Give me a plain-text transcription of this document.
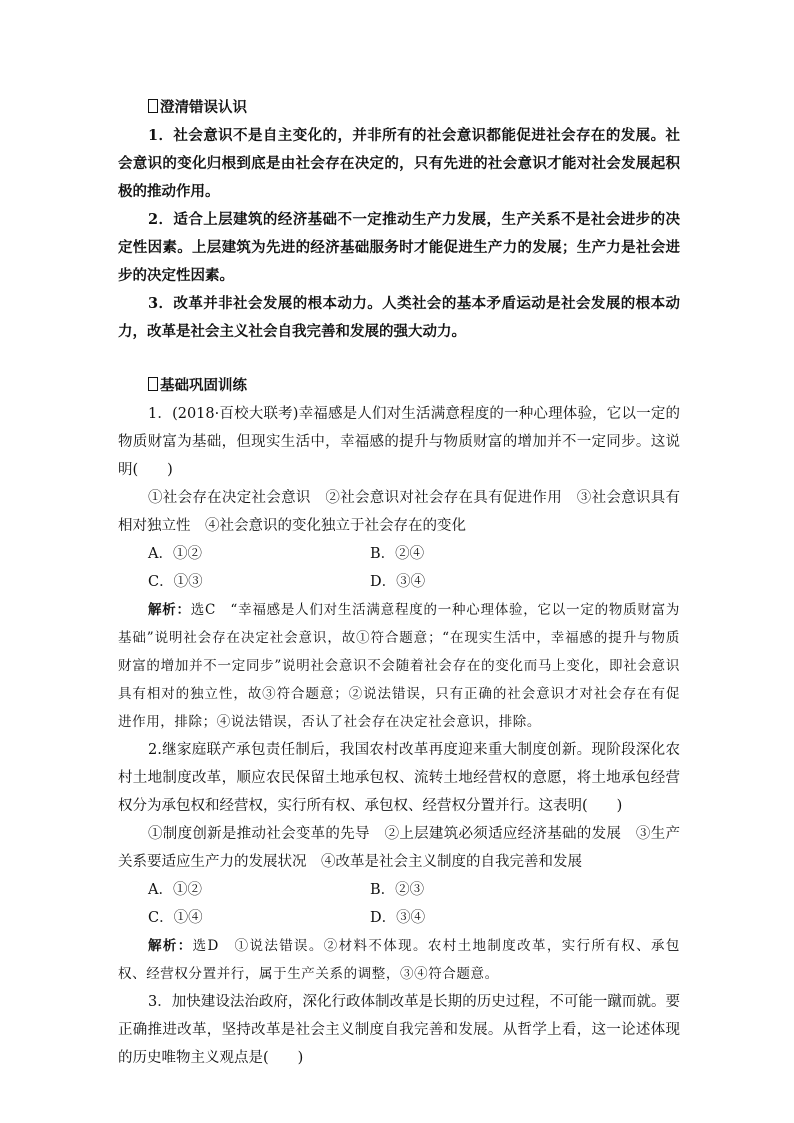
澄清错误认识

1．社会意识不是自主变化的，并非所有的社会意识都能促进社会存在的发展。社会意识的变化归根到底是由社会存在决定的，只有先进的社会意识才能对社会发展起积极的推动作用。

2．适合上层建筑的经济基础不一定推动生产力发展，生产关系不是社会进步的决定性因素。上层建筑为先进的经济基础服务时才能促进生产力的发展；生产力是社会进步的决定性因素。

3．改革并非社会发展的根本动力。人类社会的基本矛盾运动是社会发展的根本动力，改革是社会主义社会自我完善和发展的强大动力。

基础巩固训练

1．(2018·百校大联考)幸福感是人们对生活满意程度的一种心理体验，它以一定的物质财富为基础，但现实生活中，幸福感的提升与物质财富的增加并不一定同步。这说明(　　)

①社会存在决定社会意识　②社会意识对社会存在具有促进作用　③社会意识具有相对独立性　④社会意识的变化独立于社会存在的变化

A．①②	B．②④
C．①③	D．③④

解析：选C　“幸福感是人们对生活满意程度的一种心理体验，它以一定的物质财富为基础”说明社会存在决定社会意识，故①符合题意；“在现实生活中，幸福感的提升与物质财富的增加并不一定同步”说明社会意识不会随着社会存在的变化而马上变化，即社会意识具有相对的独立性，故③符合题意；②说法错误，只有正确的社会意识才对社会存在有促进作用，排除；④说法错误，否认了社会存在决定社会意识，排除。

2.继家庭联产承包责任制后，我国农村改革再度迎来重大制度创新。现阶段深化农村土地制度改革，顺应农民保留土地承包权、流转土地经营权的意愿，将土地承包经营权分为承包权和经营权，实行所有权、承包权、经营权分置并行。这表明(　　)

①制度创新是推动社会变革的先导　②上层建筑必须适应经济基础的发展　③生产关系要适应生产力的发展状况　④改革是社会主义制度的自我完善和发展

A．①②	B．②③
C．①④	D．③④

解析：选D　①说法错误。②材料不体现。农村土地制度改革，实行所有权、承包权、经营权分置并行，属于生产关系的调整，③④符合题意。

3．加快建设法治政府，深化行政体制改革是长期的历史过程，不可能一蹴而就。要正确推进改革，坚持改革是社会主义制度自我完善和发展。从哲学上看，这一论述体现的历史唯物主义观点是(　　)
